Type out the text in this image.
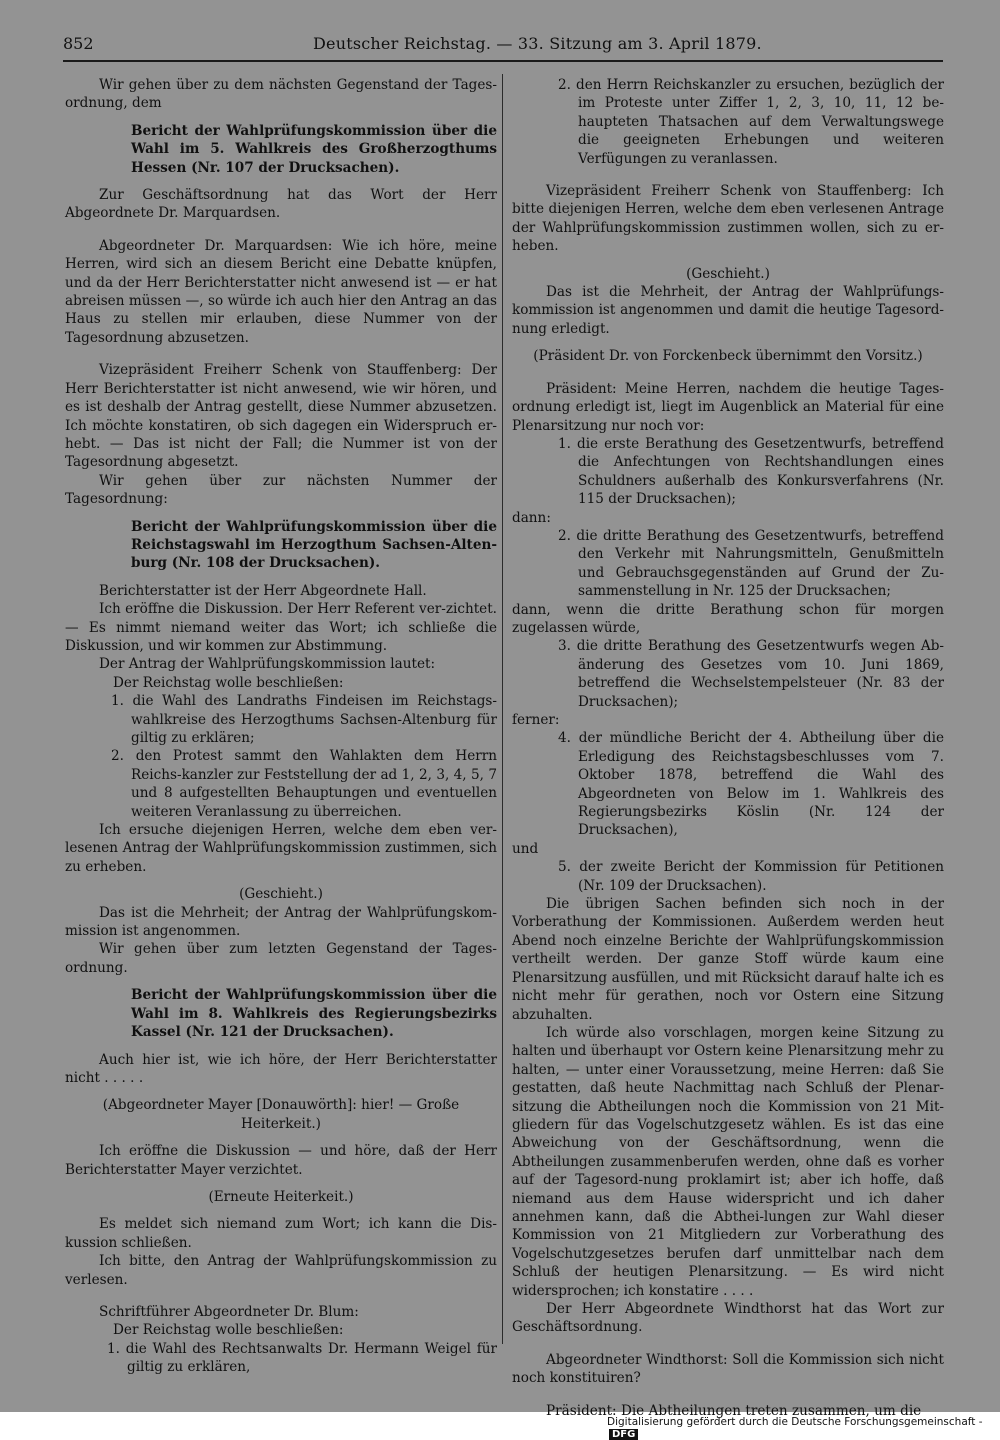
852	Deutscher Reichstag. — 33. Sitzung am 3. April 1879.

Wir gehen über zu dem nächsten Gegenstand der Tages-ordnung, dem

Bericht der Wahlprüfungskommission über die Wahl im 5. Wahlkreis des Großherzogthums Hessen (Nr. 107 der Drucksachen).

Zur Geschäftsordnung hat das Wort der Herr Abgeordnete Dr. Marquardsen.

Abgeordneter Dr. Marquardsen: Wie ich höre, meine Herren, wird sich an diesem Bericht eine Debatte knüpfen, und da der Herr Berichterstatter nicht anwesend ist — er hat abreisen müssen —, so würde ich auch hier den Antrag an das Haus zu stellen mir erlauben, diese Nummer von der Tagesordnung abzusetzen.

Vizepräsident Freiherr Schenk von Stauffenberg: Der Herr Berichterstatter ist nicht anwesend, wie wir hören, und es ist deshalb der Antrag gestellt, diese Nummer abzusetzen. Ich möchte konstatiren, ob sich dagegen ein Widerspruch er-hebt. — Das ist nicht der Fall; die Nummer ist von der Tagesordnung abgesetzt.

Wir gehen über zur nächsten Nummer der Tagesordnung:

Bericht der Wahlprüfungskommission über die Reichstagswahl im Herzogthum Sachsen-Alten-burg (Nr. 108 der Drucksachen).

Berichterstatter ist der Herr Abgeordnete Hall.

Ich eröffne die Diskussion. Der Herr Referent ver-zichtet. — Es nimmt niemand weiter das Wort; ich schließe die Diskussion, und wir kommen zur Abstimmung.

Der Antrag der Wahlprüfungskommission lautet:

Der Reichstag wolle beschließen:

1. die Wahl des Landraths Findeisen im Reichstags-wahlkreise des Herzogthums Sachsen-Altenburg für giltig zu erklären;

2. den Protest sammt den Wahlakten dem Herrn Reichs-kanzler zur Feststellung der ad 1, 2, 3, 4, 5, 7 und 8 aufgestellten Behauptungen und eventuellen weiteren Veranlassung zu überreichen.

Ich ersuche diejenigen Herren, welche dem eben ver-lesenen Antrag der Wahlprüfungskommission zustimmen, sich zu erheben.

(Geschieht.)

Das ist die Mehrheit; der Antrag der Wahlprüfungskom-mission ist angenommen.

Wir gehen über zum letzten Gegenstand der Tages-ordnung.

Bericht der Wahlprüfungskommission über die Wahl im 8. Wahlkreis des Regierungsbezirks Kassel (Nr. 121 der Drucksachen).

Auch hier ist, wie ich höre, der Herr Berichterstatter nicht . . . . .

(Abgeordneter Mayer [Donauwörth]: hier! — Große Heiterkeit.)

Ich eröffne die Diskussion — und höre, daß der Herr Berichterstatter Mayer verzichtet.

(Erneute Heiterkeit.)

Es meldet sich niemand zum Wort; ich kann die Dis-kussion schließen.

Ich bitte, den Antrag der Wahlprüfungskommission zu verlesen.

Schriftführer Abgeordneter Dr. Blum:

Der Reichstag wolle beschließen:

1. die Wahl des Rechtsanwalts Dr. Hermann Weigel für giltig zu erklären,

2. den Herrn Reichskanzler zu ersuchen, bezüglich der im Proteste unter Ziffer 1, 2, 3, 10, 11, 12 be-haupteten Thatsachen auf dem Verwaltungswege die geeigneten Erhebungen und weiteren Verfügungen zu veranlassen.

Vizepräsident Freiherr Schenk von Stauffenberg: Ich bitte diejenigen Herren, welche dem eben verlesenen Antrage der Wahlprüfungskommission zustimmen wollen, sich zu er-heben.

(Geschieht.)

Das ist die Mehrheit, der Antrag der Wahlprüfungs-kommission ist angenommen und damit die heutige Tagesord-nung erledigt.

(Präsident Dr. von Forckenbeck übernimmt den Vorsitz.)

Präsident: Meine Herren, nachdem die heutige Tages-ordnung erledigt ist, liegt im Augenblick an Material für eine Plenarsitzung nur noch vor:

1. die erste Berathung des Gesetzentwurfs, betreffend die Anfechtungen von Rechtshandlungen eines Schuldners außerhalb des Konkursverfahrens (Nr. 115 der Drucksachen);

dann:

2. die dritte Berathung des Gesetzentwurfs, betreffend den Verkehr mit Nahrungsmitteln, Genußmitteln und Gebrauchsgegenständen auf Grund der Zu-sammenstellung in Nr. 125 der Drucksachen;

dann, wenn die dritte Berathung schon für morgen zugelassen würde,

3. die dritte Berathung des Gesetzentwurfs wegen Ab-änderung des Gesetzes vom 10. Juni 1869, betreffend die Wechselstempelsteuer (Nr. 83 der Drucksachen);

ferner:

4. der mündliche Bericht der 4. Abtheilung über die Erledigung des Reichstagsbeschlusses vom 7. Oktober 1878, betreffend die Wahl des Abgeordneten von Below im 1. Wahlkreis des Regierungsbezirks Köslin (Nr. 124 der Drucksachen),

und

5. der zweite Bericht der Kommission für Petitionen (Nr. 109 der Drucksachen).

Die übrigen Sachen befinden sich noch in der Vorberathung der Kommissionen. Außerdem werden heut Abend noch einzelne Berichte der Wahlprüfungskommission vertheilt werden. Der ganze Stoff würde kaum eine Plenarsitzung ausfüllen, und mit Rücksicht darauf halte ich es nicht mehr für gerathen, noch vor Ostern eine Sitzung abzuhalten.

Ich würde also vorschlagen, morgen keine Sitzung zu halten und überhaupt vor Ostern keine Plenarsitzung mehr zu halten, — unter einer Voraussetzung, meine Herren: daß Sie gestatten, daß heute Nachmittag nach Schluß der Plenar-sitzung die Abtheilungen noch die Kommission von 21 Mit-gliedern für das Vogelschutzgesetz wählen. Es ist das eine Abweichung von der Geschäftsordnung, wenn die Abtheilungen zusammenberufen werden, ohne daß es vorher auf der Tagesord-nung proklamirt ist; aber ich hoffe, daß niemand aus dem Hause widerspricht und ich daher annehmen kann, daß die Abthei-lungen zur Wahl dieser Kommission von 21 Mitgliedern zur Vorberathung des Vogelschutzgesetzes berufen darf unmittelbar nach dem Schluß der heutigen Plenarsitzung. — Es wird nicht widersprochen; ich konstatire . . . .

Der Herr Abgeordnete Windthorst hat das Wort zur Geschäftsordnung.

Abgeordneter Windthorst: Soll die Kommission sich nicht noch konstituiren?

Präsident: Die Abtheilungen treten zusammen, um die

Digitalisierung gefördert durch die Deutsche Forschungsgemeinschaft - DFG
